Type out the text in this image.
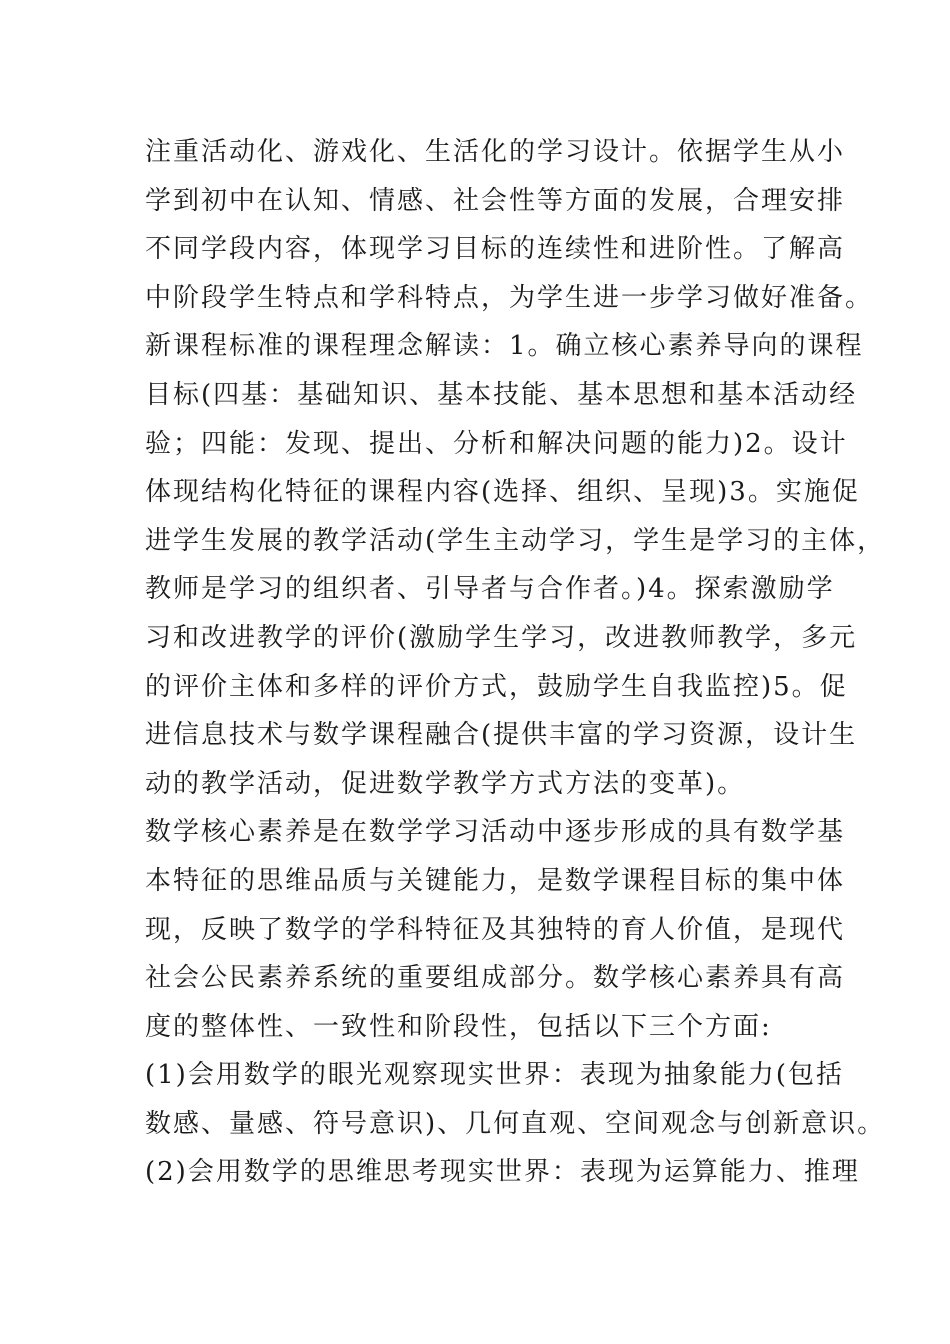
注重活动化、游戏化、生活化的学习设计。依据学生从小
学到初中在认知、情感、社会性等方面的发展，合理安排
不同学段内容，体现学习目标的连续性和进阶性。了解高
中阶段学生特点和学科特点，为学生进一步学习做好准备。
新课程标准的课程理念解读：1。确立核心素养导向的课程
目标(四基：基础知识、基本技能、基本思想和基本活动经
验；四能：发现、提出、分析和解决问题的能力)2。设计
体现结构化特征的课程内容(选择、组织、呈现)3。实施促
进学生发展的教学活动(学生主动学习，学生是学习的主体，
教师是学习的组织者、引导者与合作者。)4。探索激励学
习和改进教学的评价(激励学生学习，改进教师教学，多元
的评价主体和多样的评价方式，鼓励学生自我监控)5。促
进信息技术与数学课程融合(提供丰富的学习资源，设计生
动的教学活动，促进数学教学方式方法的变革)。
数学核心素养是在数学学习活动中逐步形成的具有数学基
本特征的思维品质与关键能力，是数学课程目标的集中体
现，反映了数学的学科特征及其独特的育人价值，是现代
社会公民素养系统的重要组成部分。数学核心素养具有高
度的整体性、一致性和阶段性，包括以下三个方面:
(1)会用数学的眼光观察现实世界：表现为抽象能力(包括
数感、量感、符号意识)、几何直观、空间观念与创新意识。
(2)会用数学的思维思考现实世界：表现为运算能力、推理
